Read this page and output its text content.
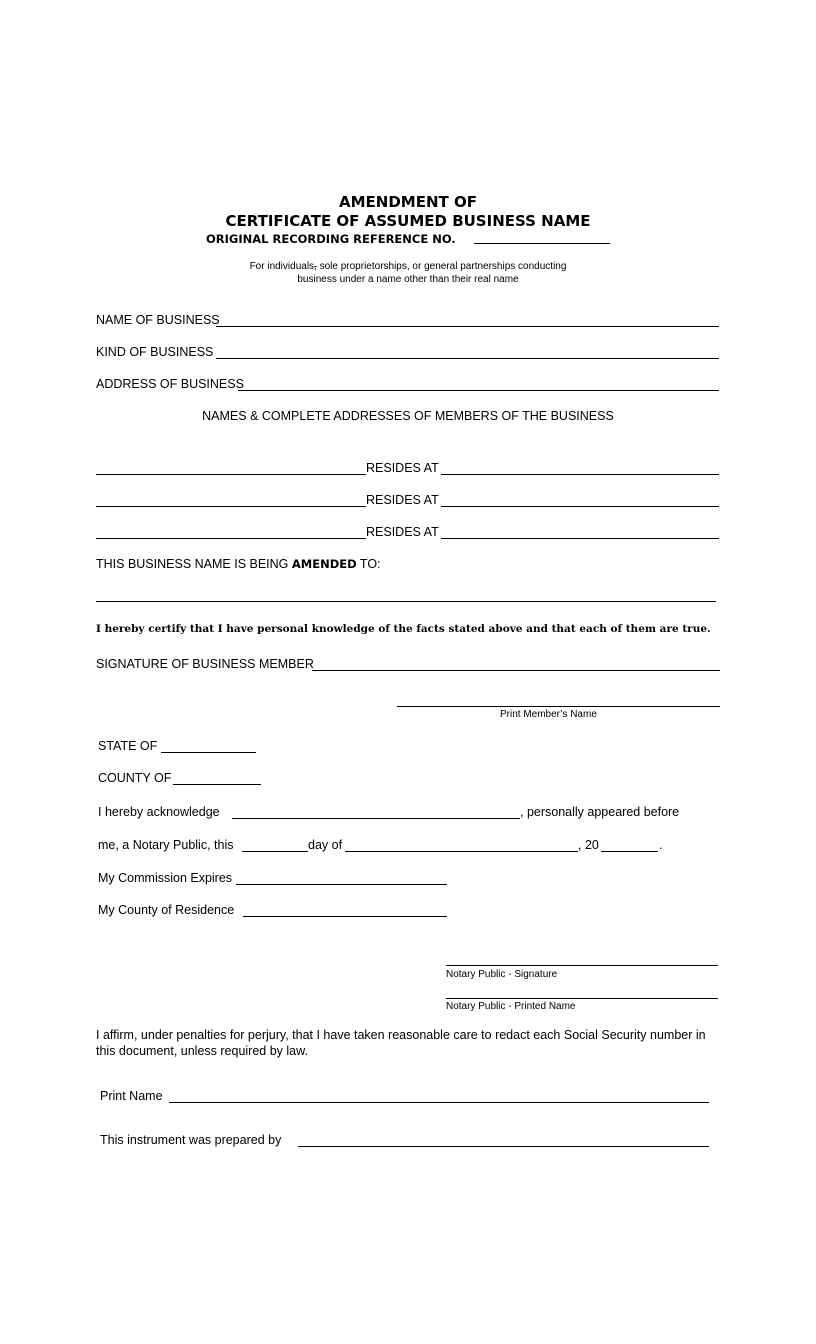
AMENDMENT OF
CERTIFICATE OF ASSUMED BUSINESS NAME
ORIGINAL RECORDING REFERENCE NO.
For individuals, sole proprietorships, or general partnerships conducting
business under a name other than their real name
NAME OF BUSINESS
KIND OF BUSINESS
ADDRESS OF BUSINESS
NAMES & COMPLETE ADDRESSES OF MEMBERS OF THE BUSINESS
RESIDES AT
RESIDES AT
RESIDES AT
THIS BUSINESS NAME IS BEING AMENDED TO:
I hereby certify that I have personal knowledge of the facts stated above and that each of them are true.
SIGNATURE OF BUSINESS MEMBER
Print Member’s Name
STATE OF
COUNTY OF
I hereby acknowledge	, personally appeared before
me, a Notary Public, this	day of	, 20	.
My Commission Expires
My County of Residence
Notary Public - Signature
Notary Public - Printed Name
I affirm, under penalties for perjury, that I have taken reasonable care to redact each Social Security number in this document, unless required by law.
Print Name
This instrument was prepared by
